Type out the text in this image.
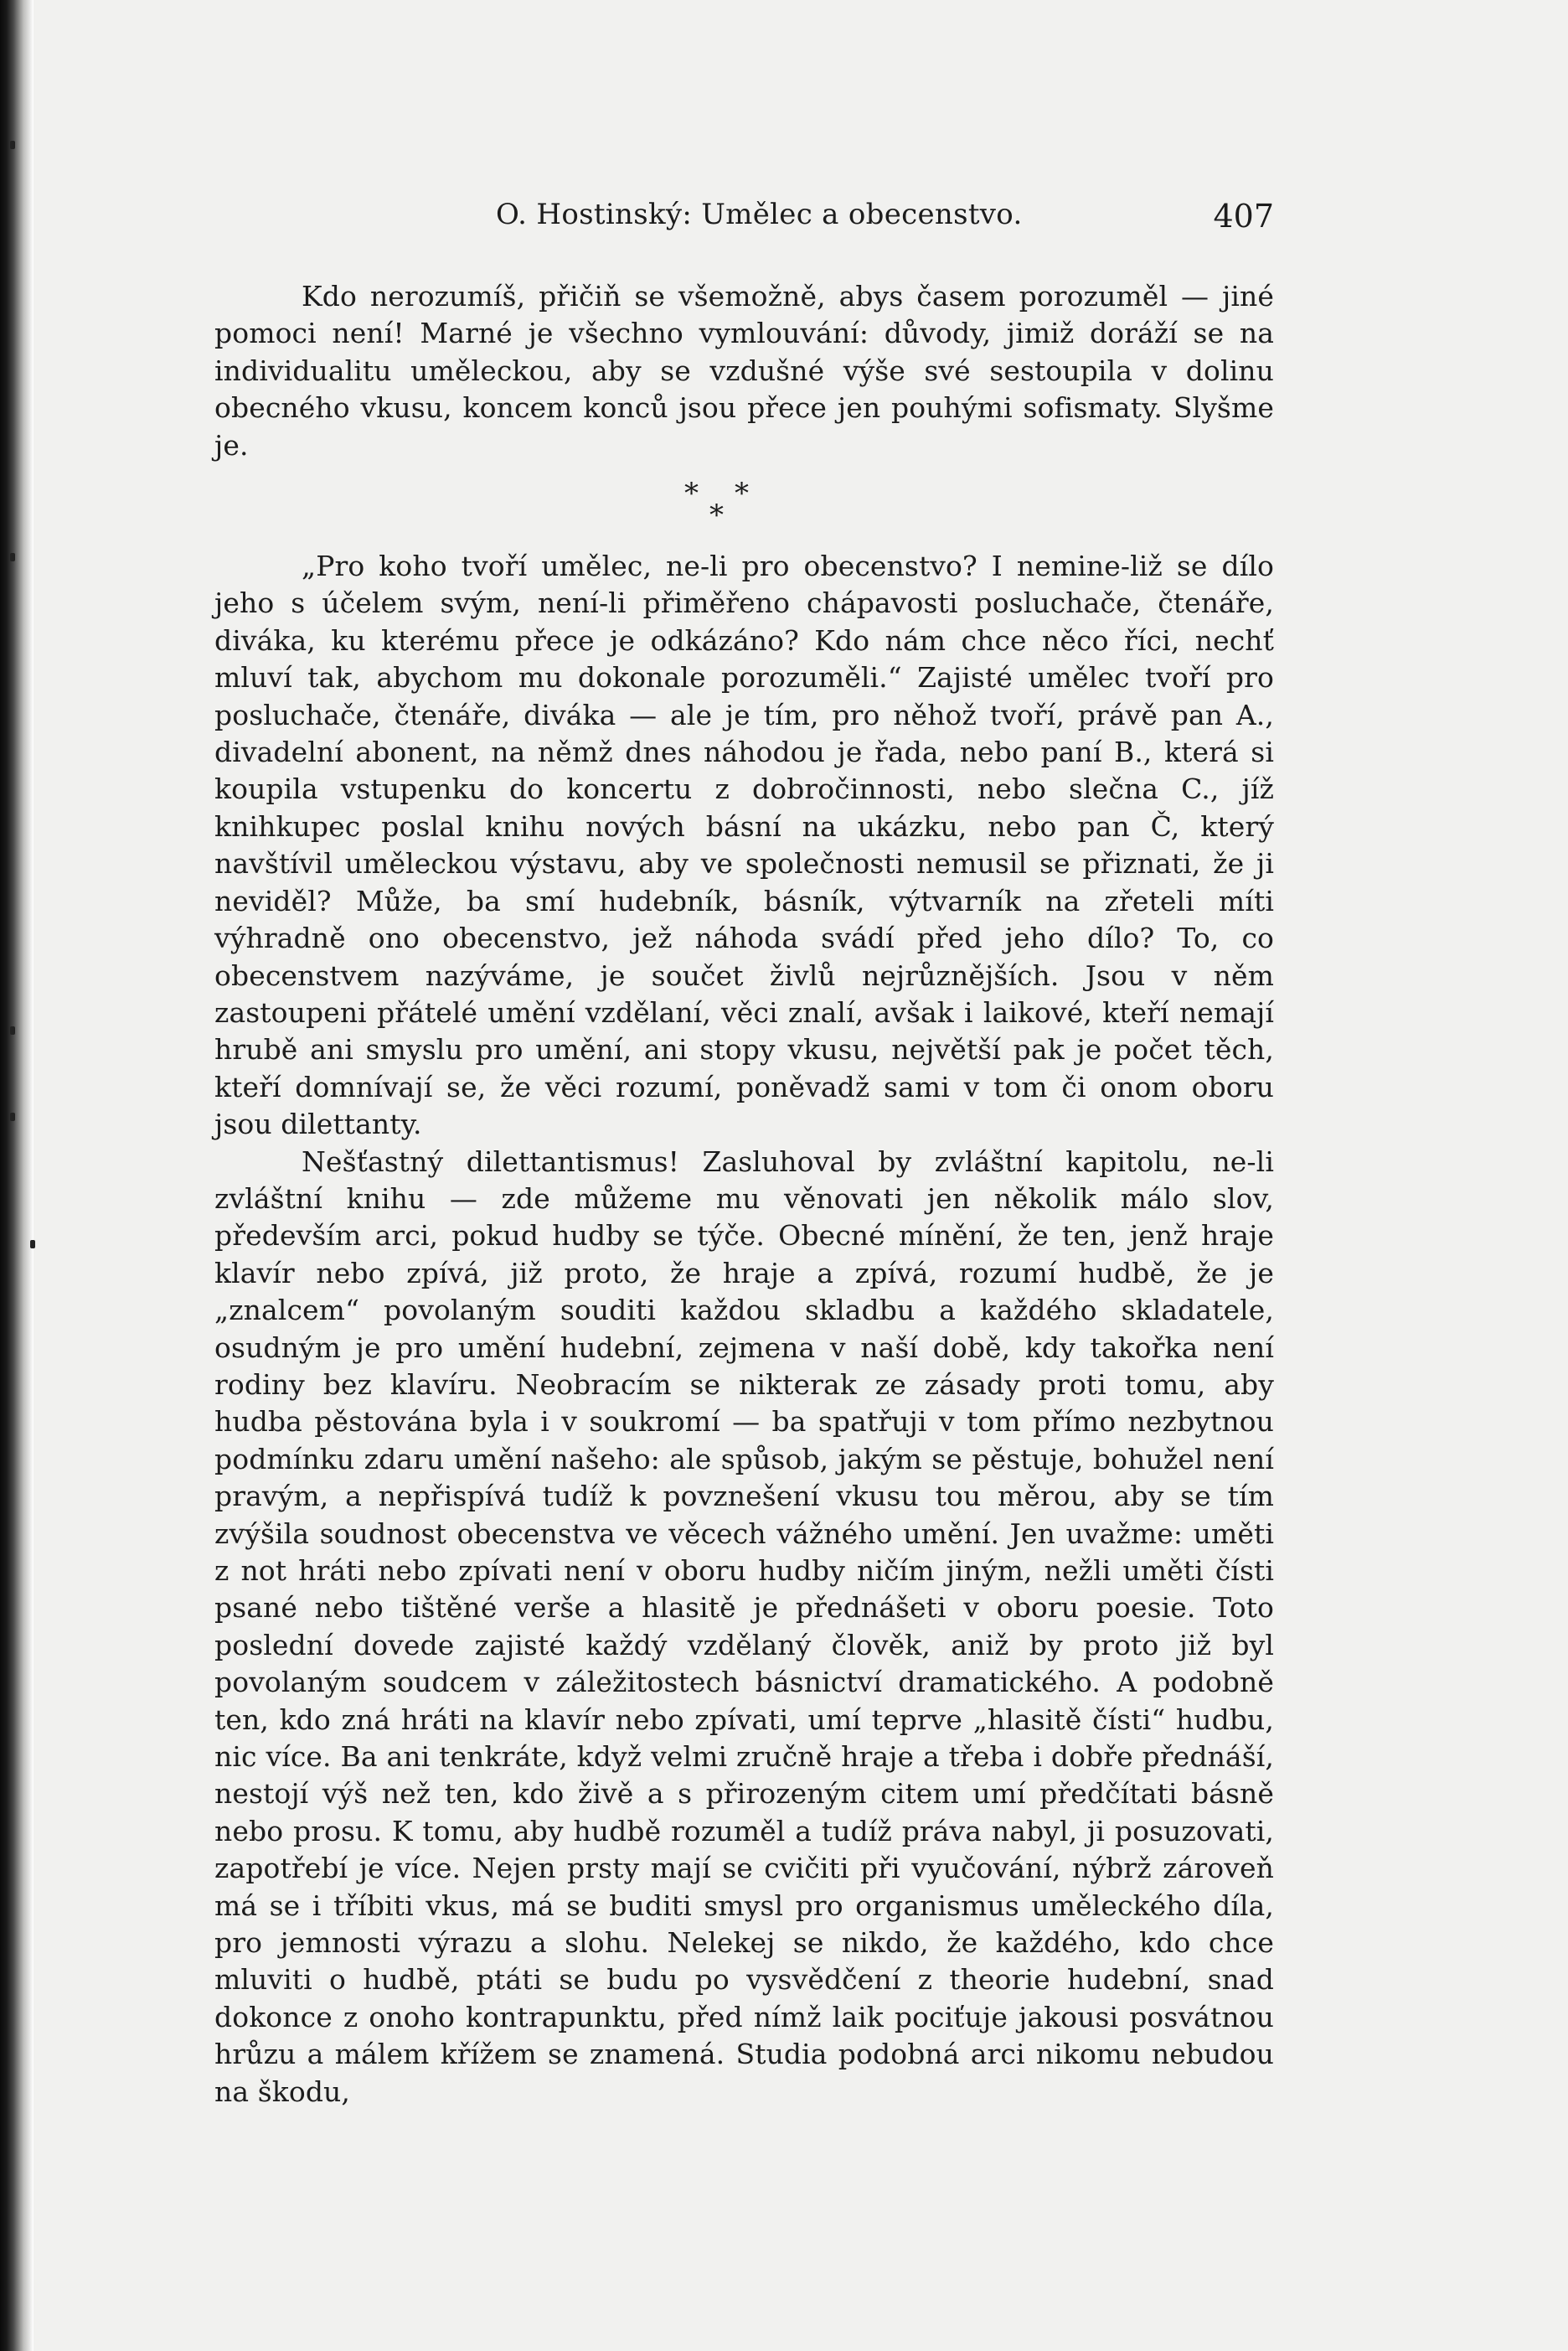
O. Hostinský: Umělec a obecenstvo.	407

Kdo nerozumíš, přičiň se všemožně, abys časem porozuměl — jiné pomoci není! Marné je všechno vymlouvání: důvody, jimiž doráží se na individualitu uměleckou, aby se vzdušné výše své sestoupila v dolinu obecného vkusu, koncem konců jsou přece jen pouhými sofismaty. Slyšme je.

* *
*

„Pro koho tvoří umělec, ne-li pro obecenstvo? I nemine-liž se dílo jeho s účelem svým, není-li přiměřeno chápavosti posluchače, čtenáře, diváka, ku kterému přece je odkázáno? Kdo nám chce něco říci, nechť mluví tak, abychom mu dokonale porozuměli.“ Zajisté umělec tvoří pro posluchače, čtenáře, diváka — ale je tím, pro něhož tvoří, právě pan A., divadelní abonent, na němž dnes náhodou je řada, nebo paní B., která si koupila vstupenku do koncertu z dobročinnosti, nebo slečna C., jíž knihkupec poslal knihu nových básní na ukázku, nebo pan Č, který navštívil uměleckou výstavu, aby ve společnosti nemusil se přiznati, že ji neviděl? Může, ba smí hudebník, básník, výtvarník na zřeteli míti výhradně ono obecenstvo, jež náhoda svádí před jeho dílo? To, co obecenstvem nazýváme, je součet živlů nejrůznějších. Jsou v něm zastoupeni přátelé umění vzdělaní, věci znalí, avšak i laikové, kteří nemají hrubě ani smyslu pro umění, ani stopy vkusu, největší pak je počet těch, kteří domnívají se, že věci rozumí, poněvadž sami v tom či onom oboru jsou dilettanty.

Nešťastný dilettantismus! Zasluhoval by zvláštní kapitolu, ne-li zvláštní knihu — zde můžeme mu věnovati jen několik málo slov, především arci, pokud hudby se týče. Obecné mínění, že ten, jenž hraje klavír nebo zpívá, již proto, že hraje a zpívá, rozumí hudbě, že je „znalcem“ povolaným souditi každou skladbu a každého skladatele, osudným je pro umění hudební, zejmena v naší době, kdy takořka není rodiny bez klavíru. Neobracím se nikterak ze zásady proti tomu, aby hudba pěstována byla i v soukromí — ba spatřuji v tom přímo nezbytnou podmínku zdaru umění našeho: ale spůsob, jakým se pěstuje, bohužel není pravým, a nepřispívá tudíž k povznešení vkusu tou měrou, aby se tím zvýšila soudnost obecenstva ve věcech vážného umění. Jen uvažme: uměti z not hráti nebo zpívati není v oboru hudby ničím jiným, nežli uměti čísti psané nebo tištěné verše a hlasitě je přednášeti v oboru poesie. Toto poslední dovede zajisté každý vzdělaný člověk, aniž by proto již byl povolaným soudcem v záležitostech básnictví dramatického. A podobně ten, kdo zná hráti na klavír nebo zpívati, umí teprve „hlasitě čísti“ hudbu, nic více. Ba ani tenkráte, když velmi zručně hraje a třeba i dobře přednáší, nestojí výš než ten, kdo živě a s přirozeným citem umí předčítati básně nebo prosu. K tomu, aby hudbě rozuměl a tudíž práva nabyl, ji posuzovati, zapotřebí je více. Nejen prsty mají se cvičiti při vyučování, nýbrž zároveň má se i tříbiti vkus, má se buditi smysl pro organismus uměleckého díla, pro jemnosti výrazu a slohu. Nelekej se nikdo, že každého, kdo chce mluviti o hudbě, ptáti se budu po vysvědčení z theorie hudební, snad dokonce z onoho kontrapunktu, před nímž laik pociťuje jakousi posvátnou hrůzu a málem křížem se znamená. Studia podobná arci nikomu nebudou na škodu,
